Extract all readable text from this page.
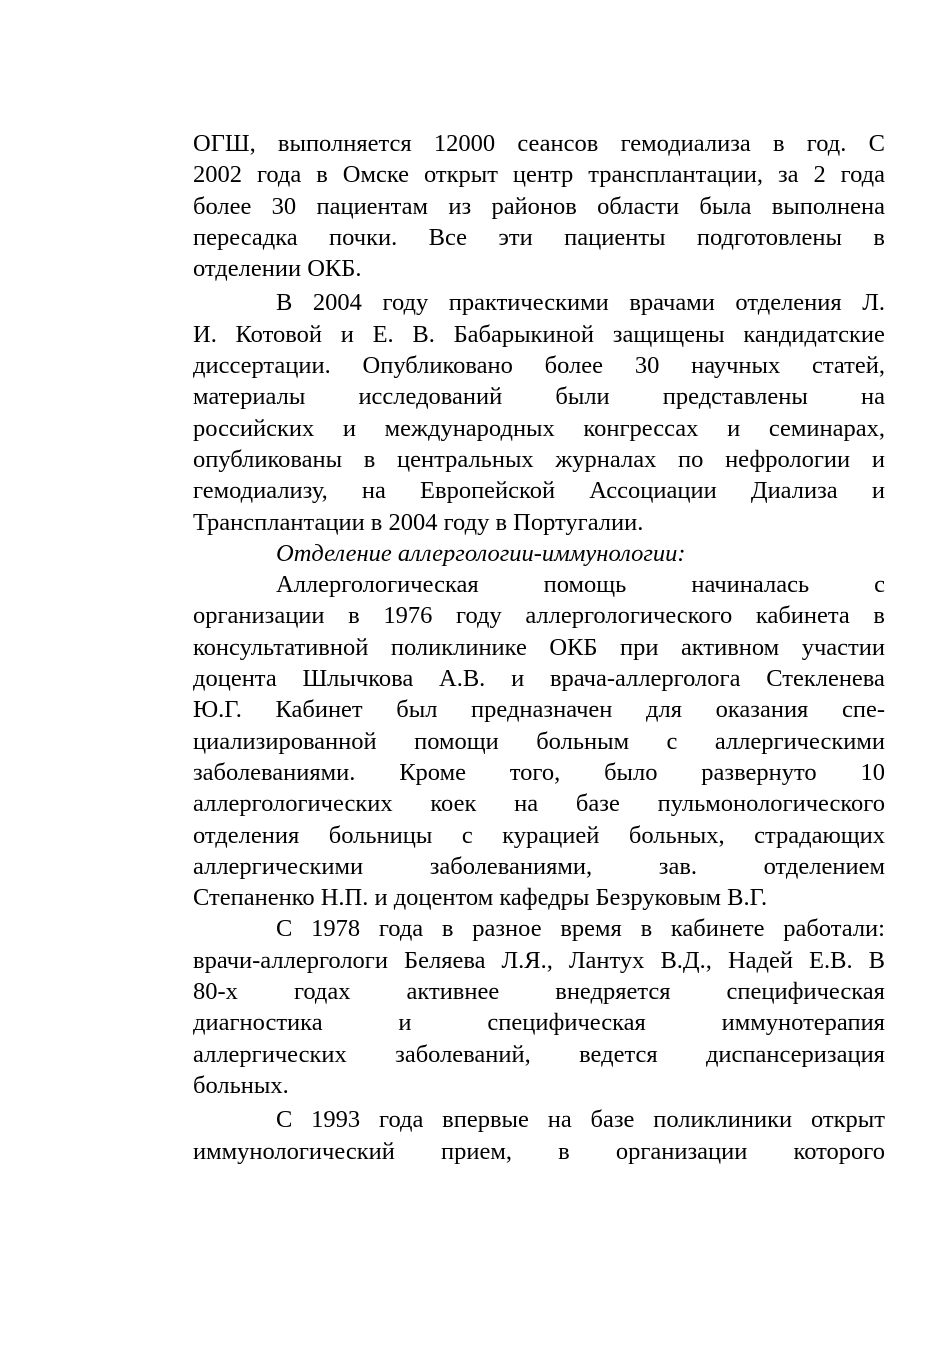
ОГШ, выполняется 12000 сеансов гемодиализа в год. С
2002 года в Омске открыт центр трансплантации, за 2 года
более 30 пациентам из районов области была выполнена
пересадка почки. Все эти пациенты подготовлены в
отделении ОКБ.
В 2004 году практическими врачами отделения Л.
И. Котовой и Е. В. Бабарыкиной защищены кандидатские
диссертации. Опубликовано более 30 научных статей,
материалы исследований были представлены на
российских и международных конгрессах и семинарах,
опубликованы в центральных журналах по нефрологии и
гемодиализу, на Европейской Ассоциации Диализа и
Трансплантации в 2004 году в Португалии.
Отделение аллергологии-иммунологии:
Аллергологическая	помощь	начиналась	с
организации в 1976 году аллергологического кабинета в
консультативной поликлинике ОКБ при активном участии
доцента Шлычкова А.В. и врача-аллерголога Стекленева
Ю.Г. Кабинет был предназначен для оказания спе-
циализированной помощи больным с аллергическими
заболеваниями. Кроме того, было развернуто 10
аллергологических коек на базе пульмонологического
отделения больницы с курацией больных, страдающих
аллергическими	заболеваниями,	зав.	отделением
Степаненко Н.П. и доцентом кафедры Безруковым В.Г.
С 1978 года в разное время в кабинете работали:
врачи-аллергологи Беляева Л.Я., Лантух В.Д., Надей Е.В. В
80-х годах активнее внедряется специфическая
диагностика	и	специфическая	иммунотерапия
аллергических заболеваний, ведется диспансеризация
больных.
С 1993 года впервые на базе поликлиники открыт
иммунологический прием, в организации которого
